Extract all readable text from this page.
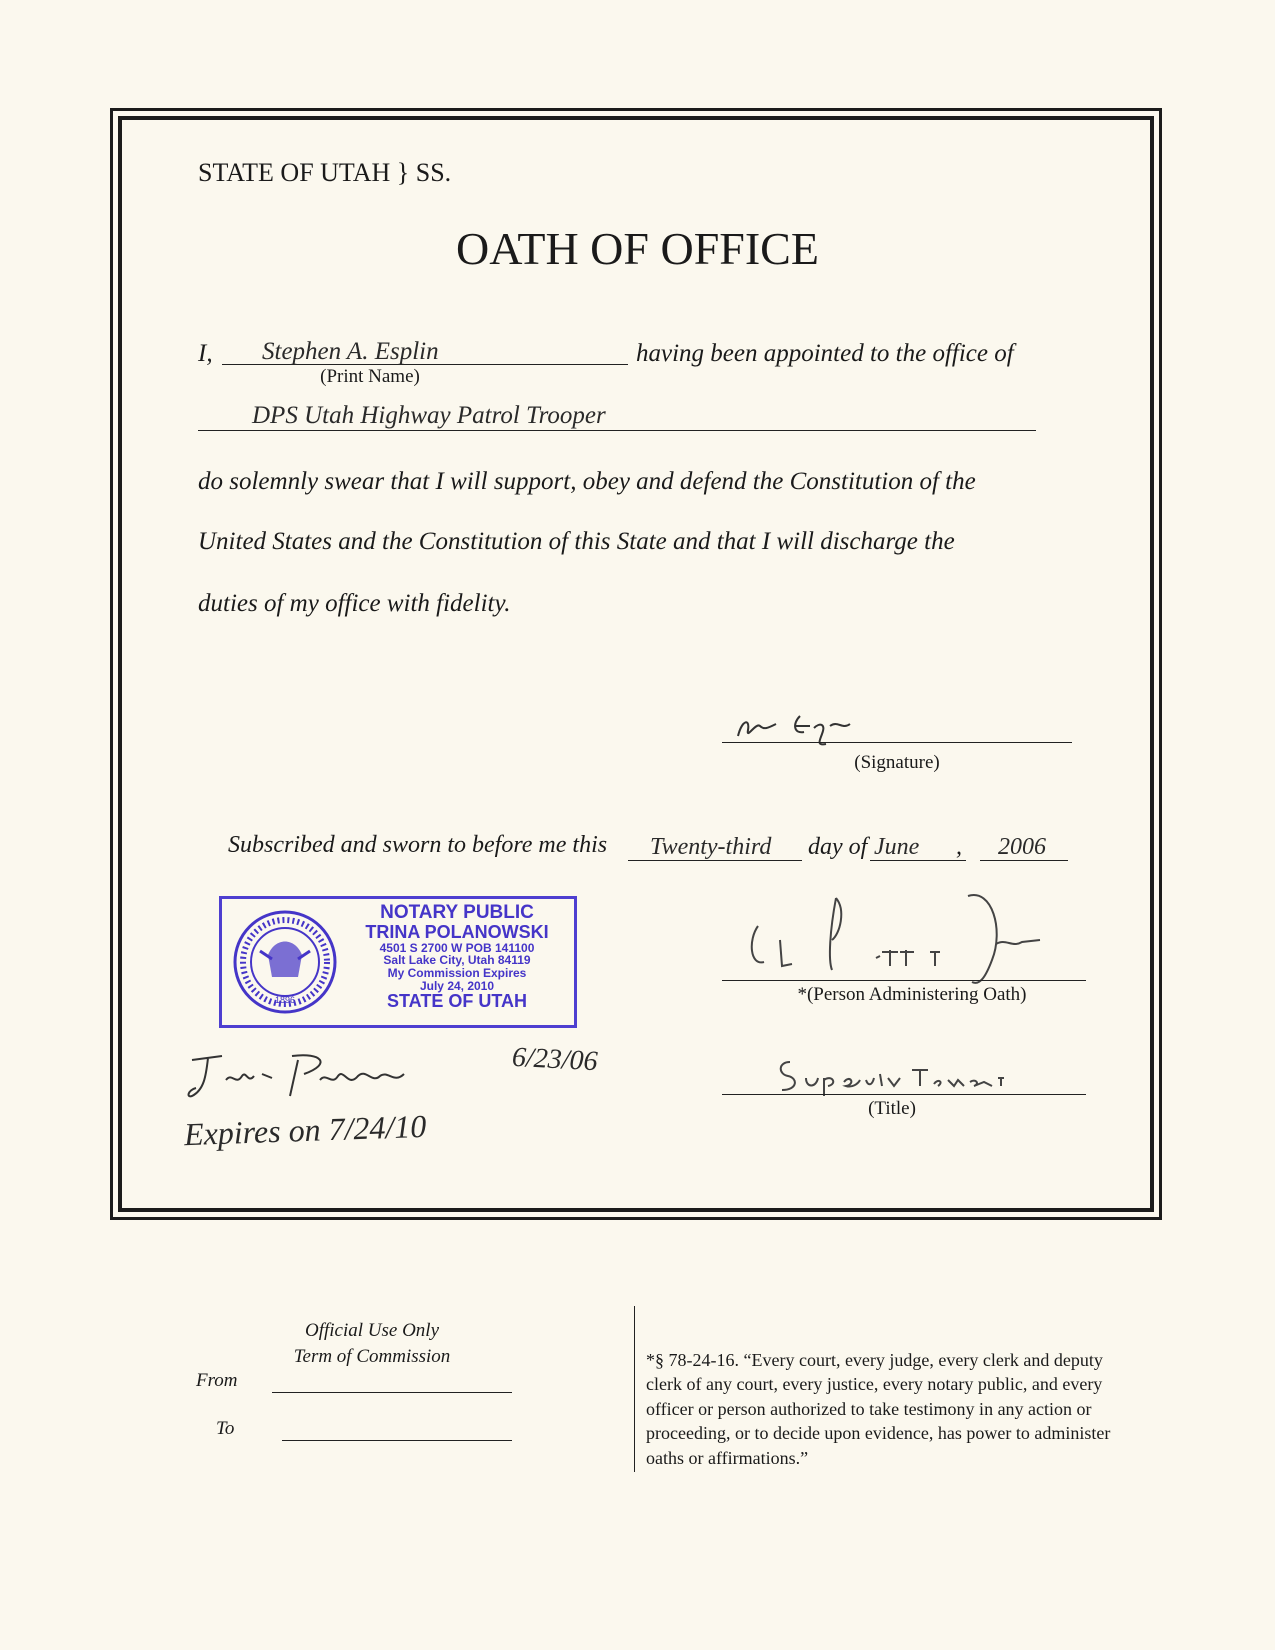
STATE OF UTAH } SS.
OATH OF OFFICE
I, Stephen A. Esplin
(Print Name)
having been appointed to the office of
DPS Utah Highway Patrol Trooper
do solemnly swear that I will support, obey and defend the Constitution of the
United States and the Constitution of this State and that I will discharge the
duties of my office with fidelity.
(Signature)
Subscribed and sworn to before me this Twenty-third day of June , 2006
1896
NOTARY PUBLIC
TRINA POLANOWSKI
4501 S 2700 W POB 141100
Salt Lake City, Utah 84119
My Commission Expires
July 24, 2010
STATE OF UTAH
6/23/06
Expires on 7/24/10
*(Person Administering Oath)
(Title)
Official Use Only
Term of Commission
From
To
*§ 78-24-16. “Every court, every judge, every clerk and deputy clerk of any court, every justice, every notary public, and every officer or person authorized to take testimony in any action or proceeding, or to decide upon evidence, has power to administer oaths or affirmations.”
